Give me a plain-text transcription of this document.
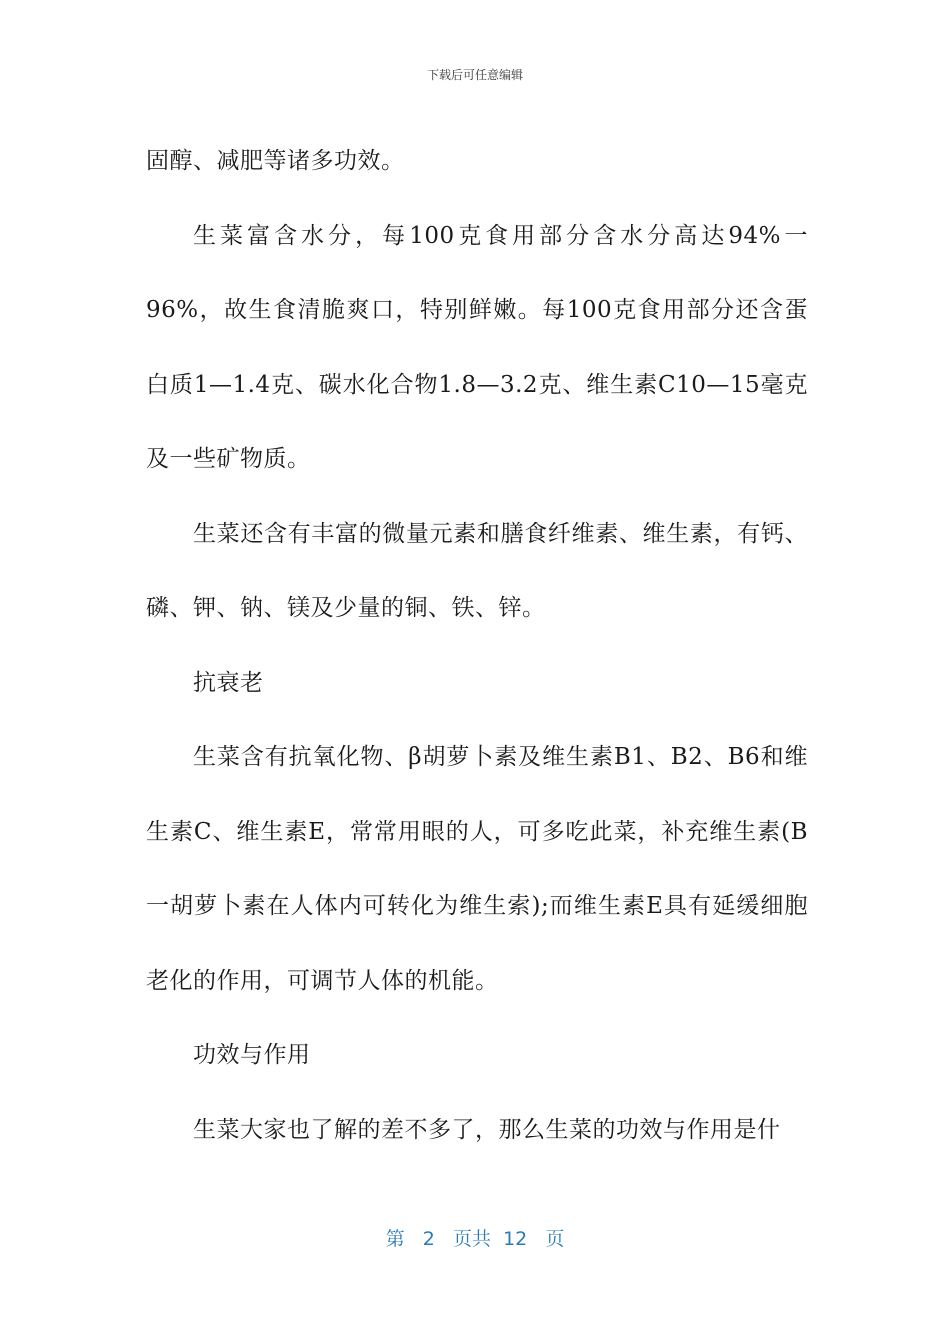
下载后可任意编辑

固醇、减肥等诸多功效。

生菜富含水分，每100克食用部分含水分高达94%一96%，故生食清脆爽口，特别鲜嫩。每100克食用部分还含蛋白质1—1.4克、碳水化合物1.8—3.2克、维生素C10—15毫克及一些矿物质。

生菜还含有丰富的微量元素和膳食纤维素、维生素，有钙、磷、钾、钠、镁及少量的铜、铁、锌。

抗衰老

生菜含有抗氧化物、β胡萝卜素及维生素B1、B2、B6和维生素C、维生素E，常常用眼的人，可多吃此菜，补充维生素(B一胡萝卜素在人体内可转化为维生索);而维生素E具有延缓细胞老化的作用，可调节人体的机能。

功效与作用

生菜大家也了解的差不多了，那么生菜的功效与作用是什

第 2 页共 12 页
